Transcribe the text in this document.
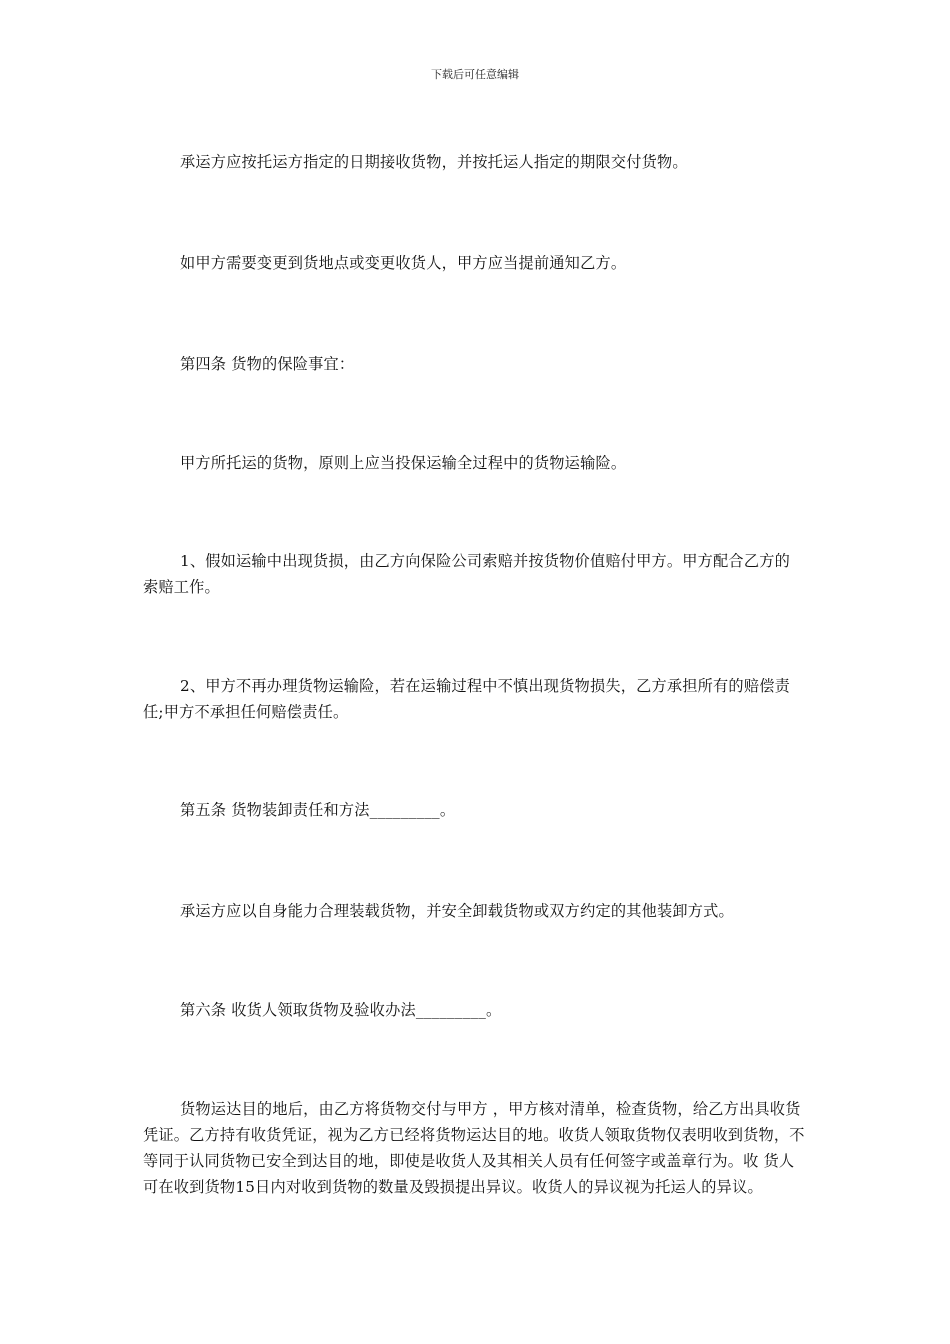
下载后可任意编辑

承运方应按托运方指定的日期接收货物，并按托运人指定的期限交付货物。

如甲方需要变更到货地点或变更收货人，甲方应当提前通知乙方。

第四条 货物的保险事宜：

甲方所托运的货物，原则上应当投保运输全过程中的货物运输险。

1、假如运输中出现货损，由乙方向保险公司索赔并按货物价值赔付甲方。甲方配合乙方的索赔工作。

2、甲方不再办理货物运输险，若在运输过程中不慎出现货物损失，乙方承担所有的赔偿责任;甲方不承担任何赔偿责任。

第五条 货物装卸责任和方法_________。

承运方应以自身能力合理装载货物，并安全卸载货物或双方约定的其他装卸方式。

第六条 收货人领取货物及验收办法_________。

货物运达目的地后，由乙方将货物交付与甲方 ，甲方核对清单，检查货物，给乙方出具收货凭证。乙方持有收货凭证，视为乙方已经将货物运达目的地。收货人领取货物仅表明收到货物，不等同于认同货物已安全到达目的地，即使是收货人及其相关人员有任何签字或盖章行为。收 货人可在收到货物15日内对收到货物的数量及毁损提出异议。收货人的异议视为托运人的异议。
